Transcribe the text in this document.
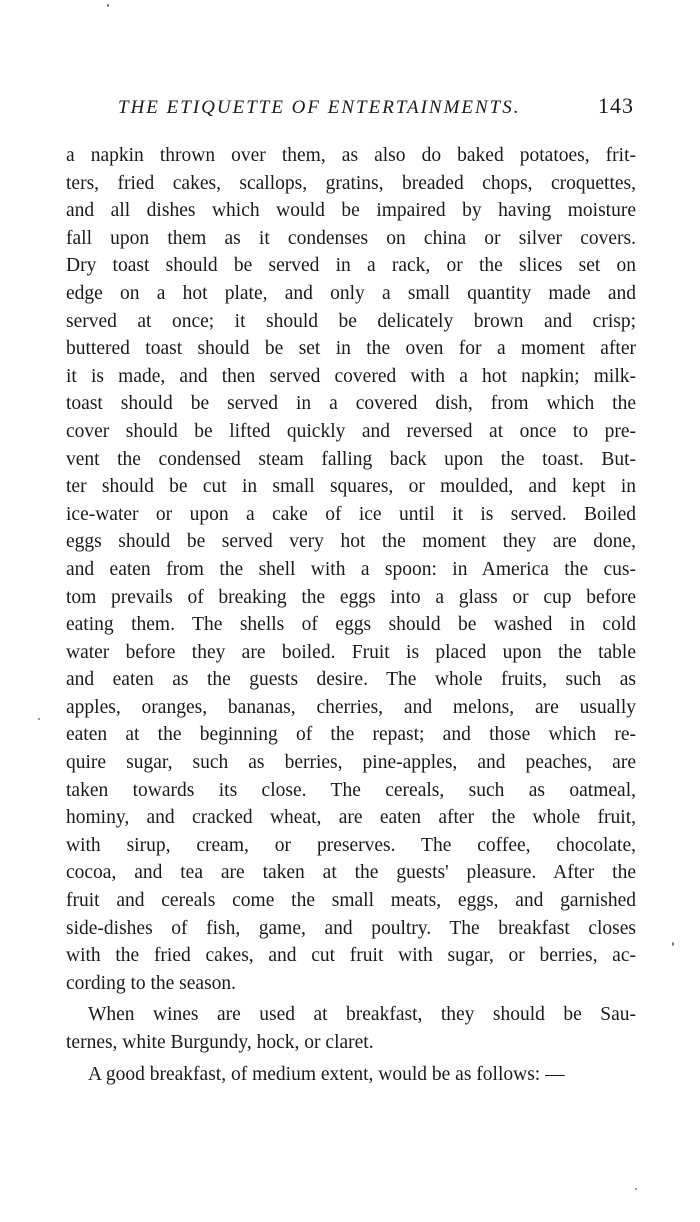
THE ETIQUETTE OF ENTERTAINMENTS.	143
a napkin thrown over them, as also do baked potatoes, frit-
ters, fried cakes, scallops, gratins, breaded chops, croquettes,
and all dishes which would be impaired by having moisture
fall upon them as it condenses on china or silver covers.
Dry toast should be served in a rack, or the slices set on
edge on a hot plate, and only a small quantity made and
served at once; it should be delicately brown and crisp;
buttered toast should be set in the oven for a moment after
it is made, and then served covered with a hot napkin; milk-
toast should be served in a covered dish, from which the
cover should be lifted quickly and reversed at once to pre-
vent the condensed steam falling back upon the toast. But-
ter should be cut in small squares, or moulded, and kept in
ice-water or upon a cake of ice until it is served. Boiled
eggs should be served very hot the moment they are done,
and eaten from the shell with a spoon: in America the cus-
tom prevails of breaking the eggs into a glass or cup before
eating them. The shells of eggs should be washed in cold
water before they are boiled. Fruit is placed upon the table
and eaten as the guests desire. The whole fruits, such as
apples, oranges, bananas, cherries, and melons, are usually
eaten at the beginning of the repast; and those which re-
quire sugar, such as berries, pine-apples, and peaches, are
taken towards its close. The cereals, such as oatmeal,
hominy, and cracked wheat, are eaten after the whole fruit,
with sirup, cream, or preserves. The coffee, chocolate,
cocoa, and tea are taken at the guests' pleasure. After the
fruit and cereals come the small meats, eggs, and garnished
side-dishes of fish, game, and poultry. The breakfast closes
with the fried cakes, and cut fruit with sugar, or berries, ac-
cording to the season.
When wines are used at breakfast, they should be Sau-
ternes, white Burgundy, hock, or claret.
A good breakfast, of medium extent, would be as follows: —
